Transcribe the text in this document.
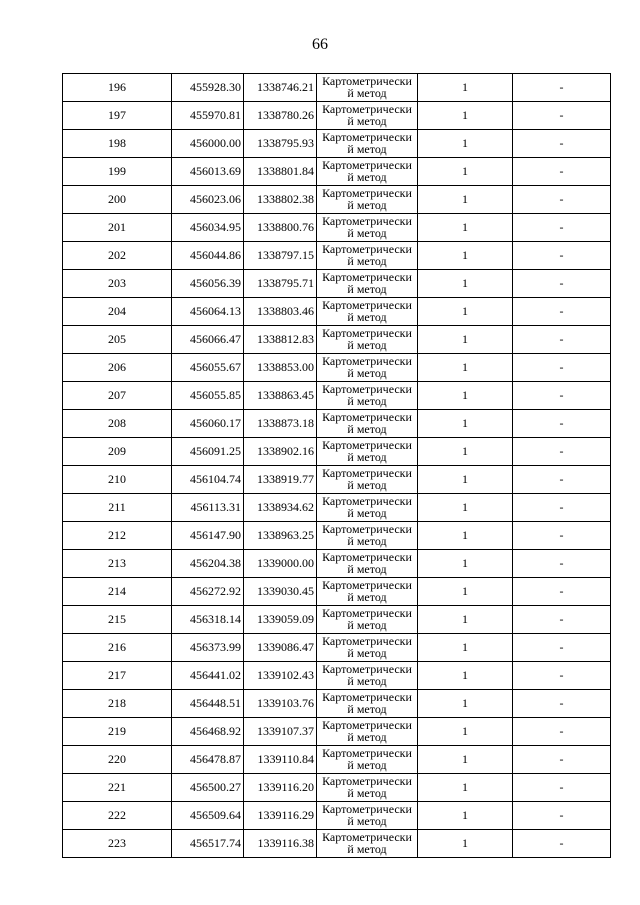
66
196	455928.30	1338746.21	Картометрически
й метод	1	-
197	455970.81	1338780.26	Картометрически
й метод	1	-
198	456000.00	1338795.93	Картометрически
й метод	1	-
199	456013.69	1338801.84	Картометрически
й метод	1	-
200	456023.06	1338802.38	Картометрически
й метод	1	-
201	456034.95	1338800.76	Картометрически
й метод	1	-
202	456044.86	1338797.15	Картометрически
й метод	1	-
203	456056.39	1338795.71	Картометрически
й метод	1	-
204	456064.13	1338803.46	Картометрически
й метод	1	-
205	456066.47	1338812.83	Картометрически
й метод	1	-
206	456055.67	1338853.00	Картометрически
й метод	1	-
207	456055.85	1338863.45	Картометрически
й метод	1	-
208	456060.17	1338873.18	Картометрически
й метод	1	-
209	456091.25	1338902.16	Картометрически
й метод	1	-
210	456104.74	1338919.77	Картометрически
й метод	1	-
211	456113.31	1338934.62	Картометрически
й метод	1	-
212	456147.90	1338963.25	Картометрически
й метод	1	-
213	456204.38	1339000.00	Картометрически
й метод	1	-
214	456272.92	1339030.45	Картометрически
й метод	1	-
215	456318.14	1339059.09	Картометрически
й метод	1	-
216	456373.99	1339086.47	Картометрически
й метод	1	-
217	456441.02	1339102.43	Картометрически
й метод	1	-
218	456448.51	1339103.76	Картометрически
й метод	1	-
219	456468.92	1339107.37	Картометрически
й метод	1	-
220	456478.87	1339110.84	Картометрически
й метод	1	-
221	456500.27	1339116.20	Картометрически
й метод	1	-
222	456509.64	1339116.29	Картометрически
й метод	1	-
223	456517.74	1339116.38	Картометрически
й метод	1	-
